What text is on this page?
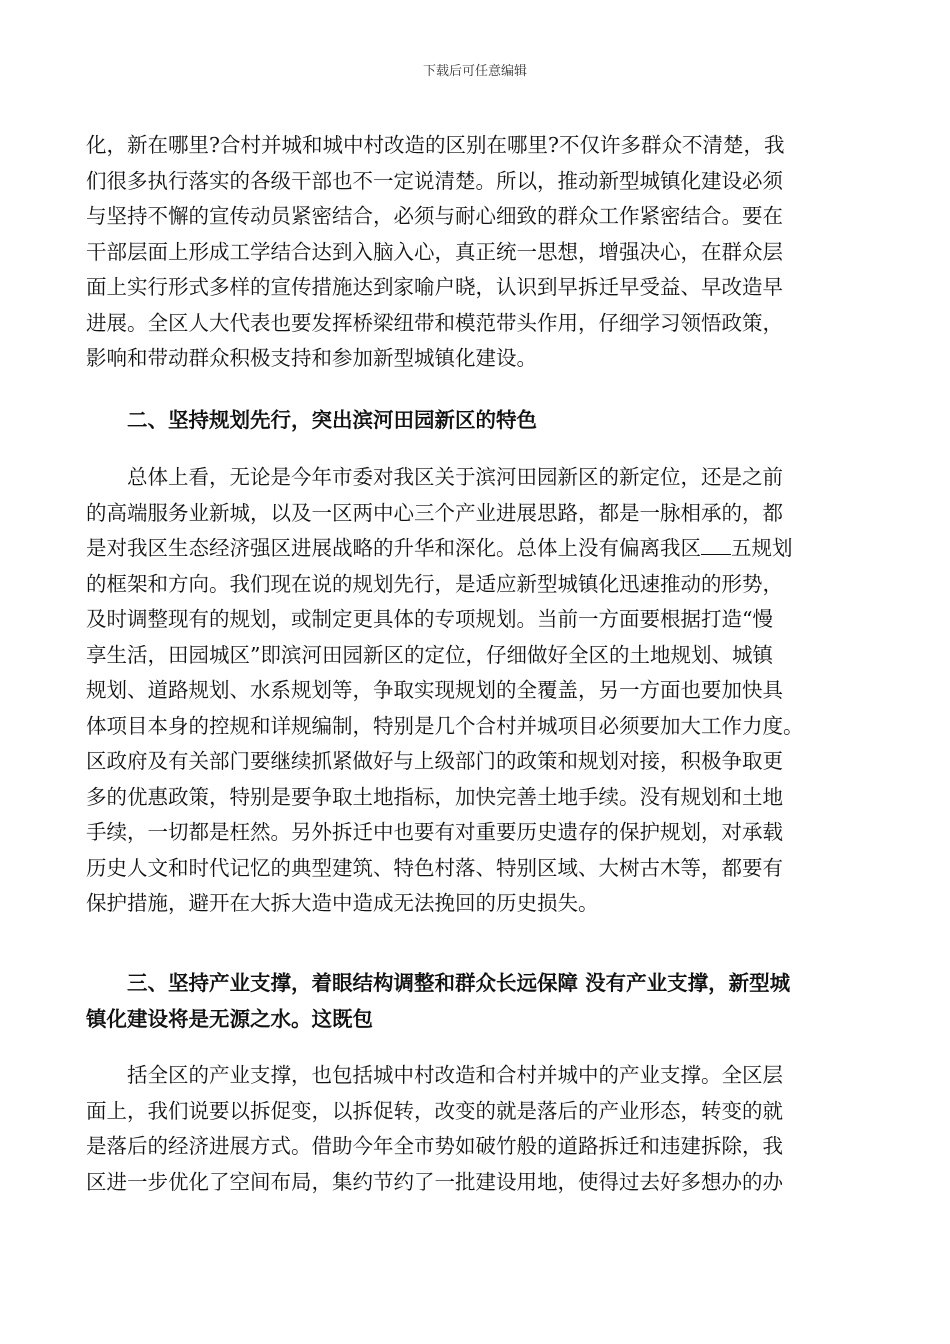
下载后可任意编辑
化，新在哪里?合村并城和城中村改造的区别在哪里?不仅许多群众不清楚，我
们很多执行落实的各级干部也不一定说清楚。所以，推动新型城镇化建设必须
与坚持不懈的宣传动员紧密结合，必须与耐心细致的群众工作紧密结合。要在
干部层面上形成工学结合达到入脑入心，真正统一思想，增强决心，在群众层
面上实行形式多样的宣传措施达到家喻户晓，认识到早拆迁早受益、早改造早
进展。全区人大代表也要发挥桥梁纽带和模范带头作用，仔细学习领悟政策，
影响和带动群众积极支持和参加新型城镇化建设。
二、坚持规划先行，突出滨河田园新区的特色
总体上看，无论是今年市委对我区关于滨河田园新区的新定位，还是之前
的高端服务业新城，以及一区两中心三个产业进展思路，都是一脉相承的，都
是对我区生态经济强区进展战略的升华和深化。总体上没有偏离我区 五规划
的框架和方向。我们现在说的规划先行，是适应新型城镇化迅速推动的形势，
及时调整现有的规划，或制定更具体的专项规划。当前一方面要根据打造“慢
享生活，田园城区”即滨河田园新区的定位，仔细做好全区的土地规划、城镇
规划、道路规划、水系规划等，争取实现规划的全覆盖，另一方面也要加快具
体项目本身的控规和详规编制，特别是几个合村并城项目必须要加大工作力度。
区政府及有关部门要继续抓紧做好与上级部门的政策和规划对接，积极争取更
多的优惠政策，特别是要争取土地指标，加快完善土地手续。没有规划和土地
手续，一切都是枉然。另外拆迁中也要有对重要历史遗存的保护规划，对承载
历史人文和时代记忆的典型建筑、特色村落、特别区域、大树古木等，都要有
保护措施，避开在大拆大造中造成无法挽回的历史损失。
三、坚持产业支撑，着眼结构调整和群众长远保障 没有产业支撑，新型城
镇化建设将是无源之水。这既包
括全区的产业支撑，也包括城中村改造和合村并城中的产业支撑。全区层
面上，我们说要以拆促变，以拆促转，改变的就是落后的产业形态，转变的就
是落后的经济进展方式。借助今年全市势如破竹般的道路拆迁和违建拆除，我
区进一步优化了空间布局，集约节约了一批建设用地，使得过去好多想办的办
